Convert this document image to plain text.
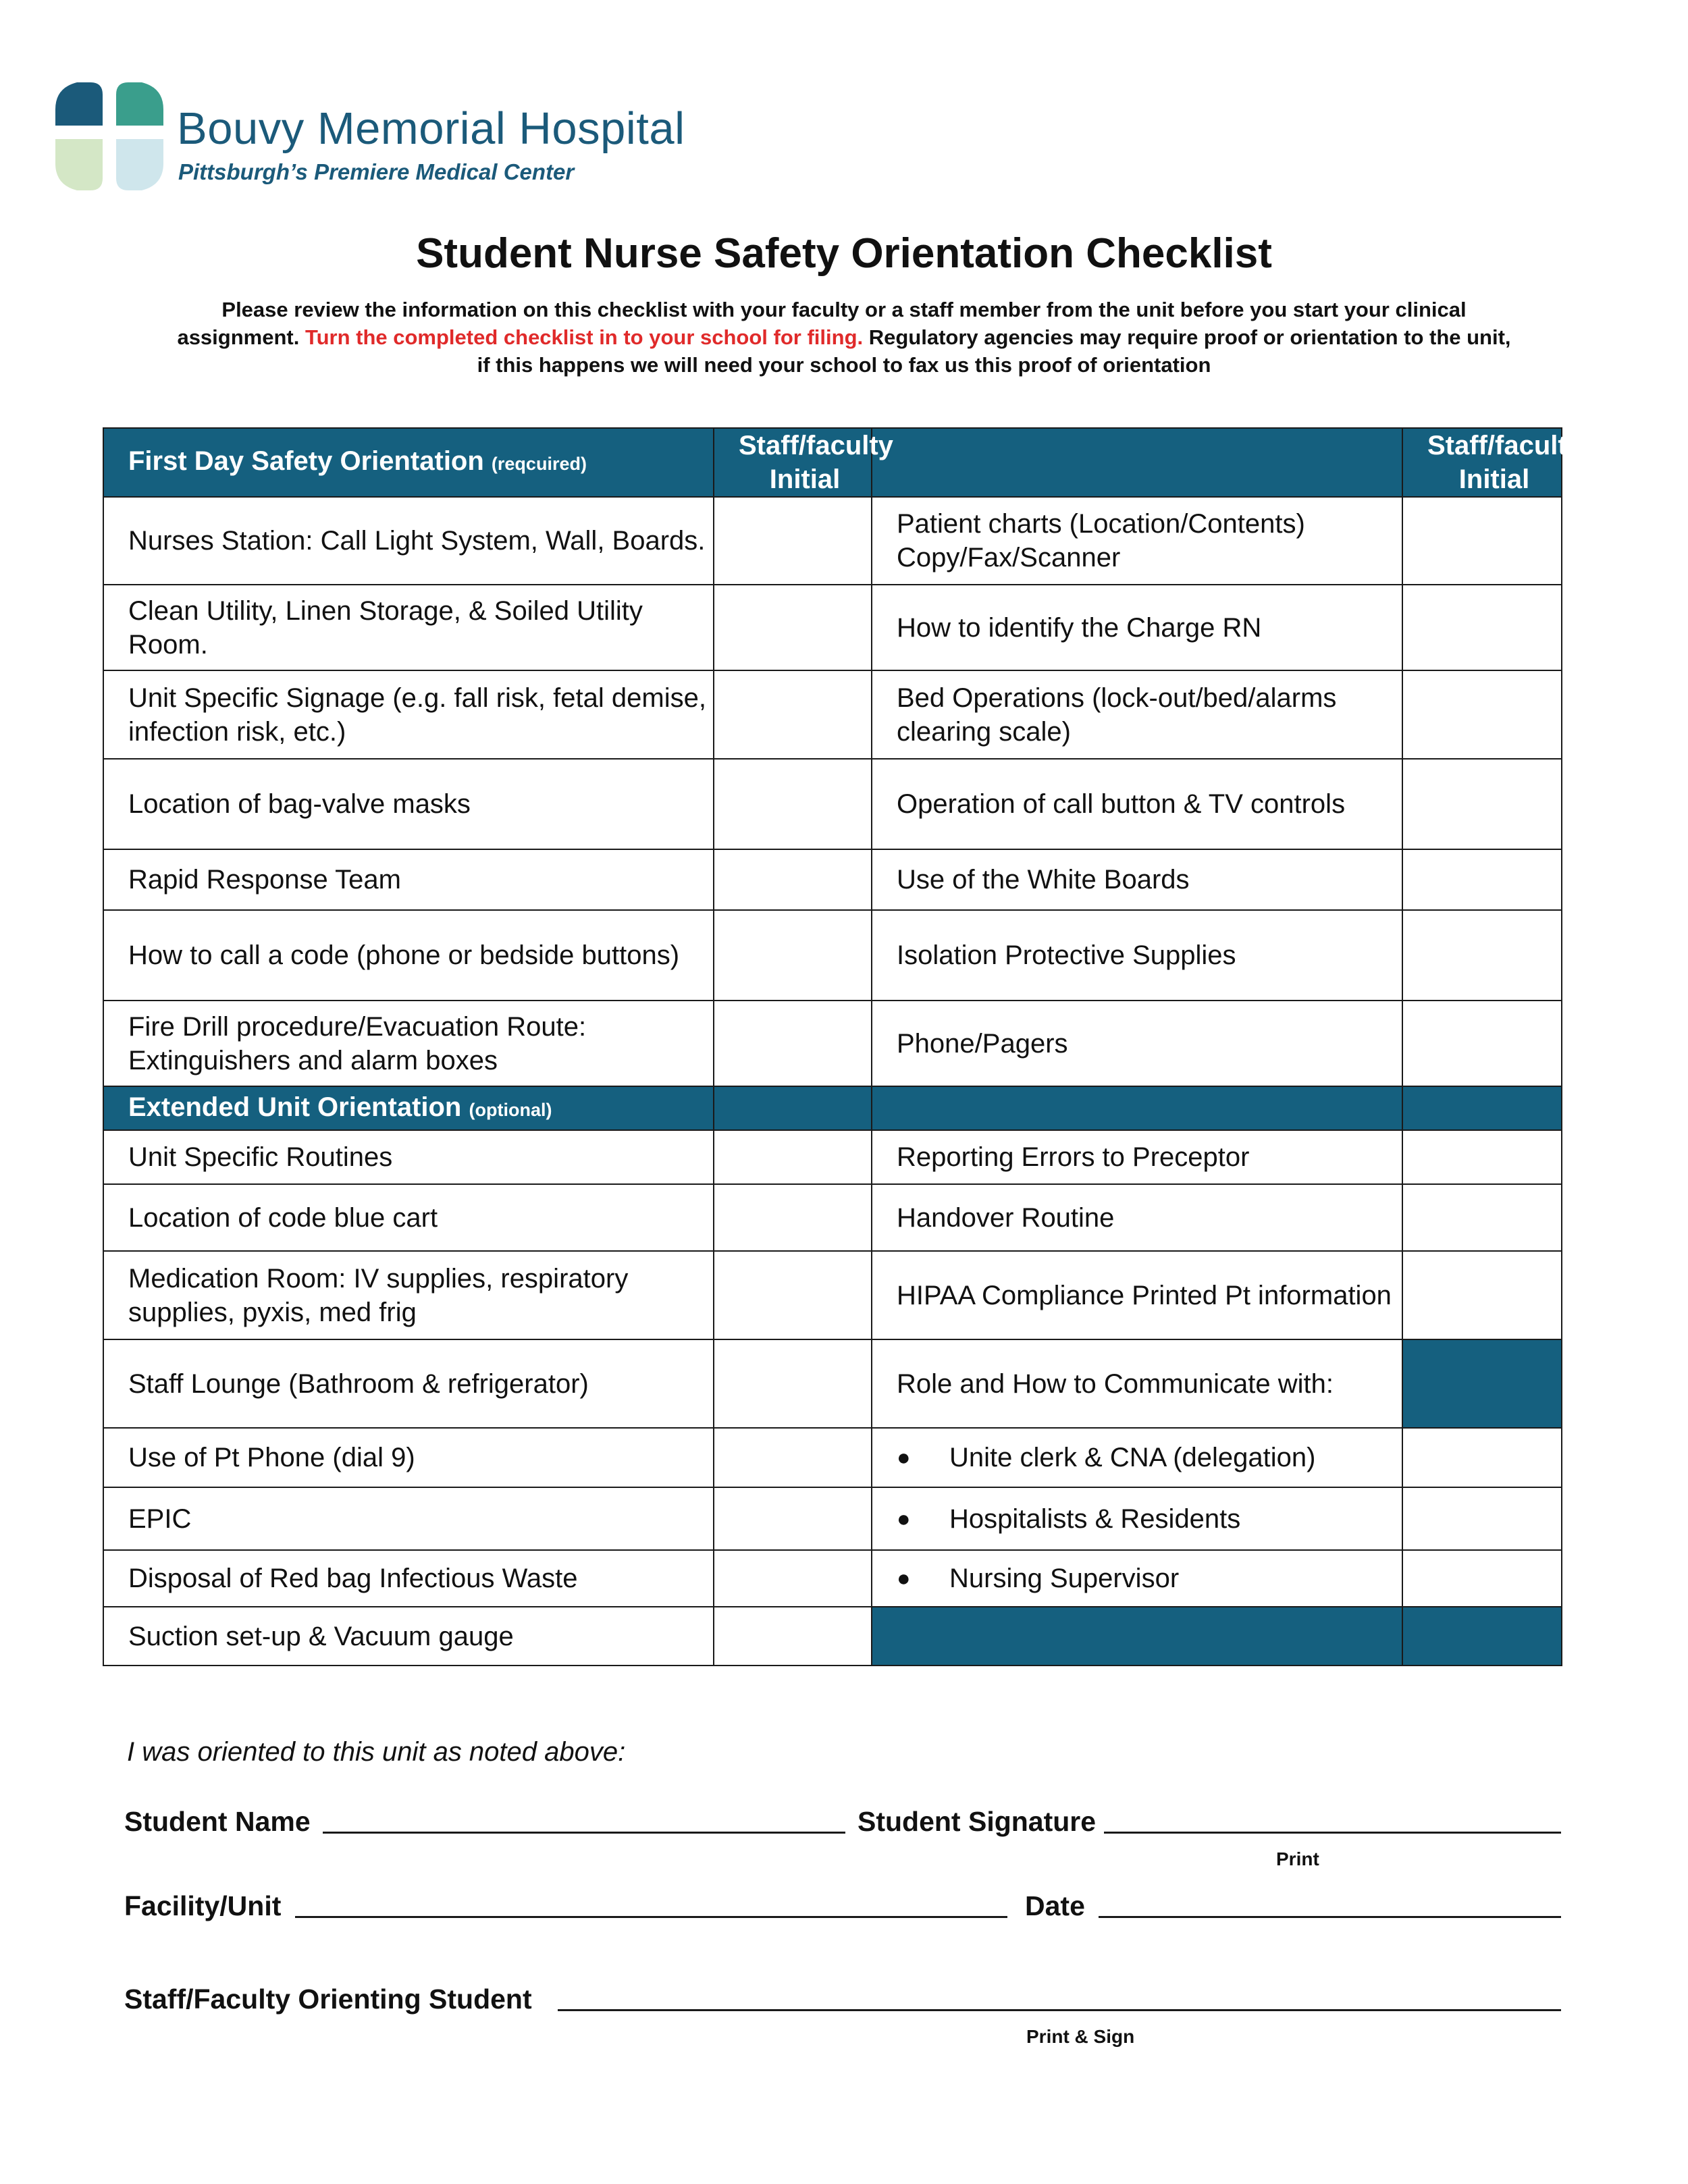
Bouvy Memorial Hospital
Pittsburgh’s Premiere Medical Center
Student Nurse Safety Orientation Checklist
Please review the information on this checklist with your faculty or a staff member from the unit before you start your clinical assignment. Turn the completed checklist in to your school for filing. Regulatory agencies may require proof or orientation to the unit, if this happens we will need your school to fax us this proof of orientation
First Day Safety Orientation (reqcuired)	Staff/faculty Initial		Staff/faculty Initial
Nurses Station: Call Light System, Wall, Boards.		Patient charts (Location/Contents) Copy/Fax/Scanner	
Clean Utility, Linen Storage, & Soiled Utility Room.		How to identify the Charge RN	
Unit Specific Signage (e.g. fall risk, fetal demise, infection risk, etc.)		Bed Operations (lock-out/bed/alarms clearing scale)	
Location of bag-valve masks		Operation of call button & TV controls	
Rapid Response Team		Use of the White Boards	
How to call a code (phone or bedside buttons)		Isolation Protective Supplies	
Fire Drill procedure/Evacuation Route: Extinguishers and alarm boxes		Phone/Pagers	
Extended Unit Orientation (optional)			
Unit Specific Routines		Reporting Errors to Preceptor	
Location of code blue cart		Handover Routine	
Medication Room: IV supplies, respiratory supplies, pyxis, med frig		HIPAA Compliance Printed Pt information	
Staff Lounge (Bathroom & refrigerator)		Role and How to Communicate with:	
Use of Pt Phone (dial 9)		● Unite clerk & CNA (delegation)	

EPIC		● Hospitalists & Residents	

Disposal of Red bag Infectious Waste		● Nursing Supervisor	

Suction set-up & Vacuum gauge			
I was oriented to this unit as noted above:
Student Name	Student Signature
Print
Facility/Unit	Date
Staff/Faculty Orienting Student
Print & Sign
